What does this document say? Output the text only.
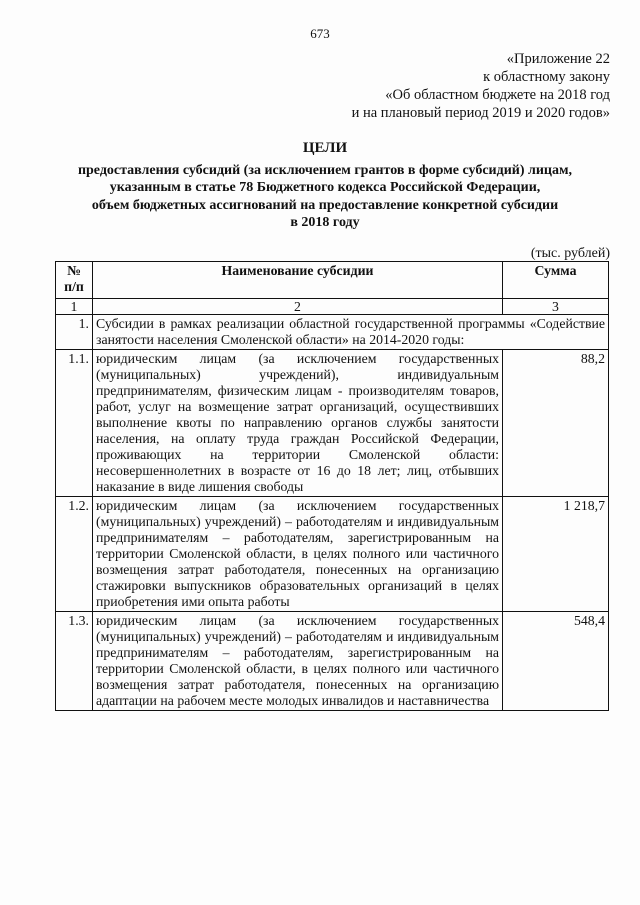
673
«Приложение 22
к областному закону
«Об областном бюджете на 2018 год
и на плановый период 2019 и 2020 годов»
ЦЕЛИ
предоставления субсидий (за исключением грантов в форме субсидий) лицам,
указанным в статье 78 Бюджетного кодекса Российской Федерации,
объем бюджетных ассигнований на предоставление конкретной субсидии
в 2018 году
(тыс. рублей)
№
п/п	Наименование субсидии	Сумма
1	2	3
1.	Субсидии в рамках реализации областной государственной программы «Содействие занятости населения Смоленской области» на 2014-2020 годы:	
1.1.	юридическим лицам (за исключением государственных (муниципальных) учреждений), индивидуальным предпринимателям, физическим лицам - производителям товаров, работ, услуг на возмещение затрат организаций, осуществивших выполнение квоты по направлению органов службы занятости населения, на оплату труда граждан Российской Федерации, проживающих на территории Смоленской области: несовершеннолетних в возрасте от 16 до 18 лет; лиц, отбывших наказание в виде лишения свободы	88,2
1.2.	юридическим лицам (за исключением государственных (муниципальных) учреждений) – работодателям и индивидуальным предпринимателям – работодателям, зарегистрированным на территории Смоленской области, в целях полного или частичного возмещения затрат работодателя, понесенных на организацию стажировки выпускников образовательных организаций в целях приобретения ими опыта работы	1 218,7
1.3.	юридическим лицам (за исключением государственных (муниципальных) учреждений) – работодателям и индивидуальным предпринимателям – работодателям, зарегистрированным на территории Смоленской области, в целях полного или частичного возмещения затрат работодателя, понесенных на организацию адаптации на рабочем месте молодых инвалидов и наставничества	548,4
